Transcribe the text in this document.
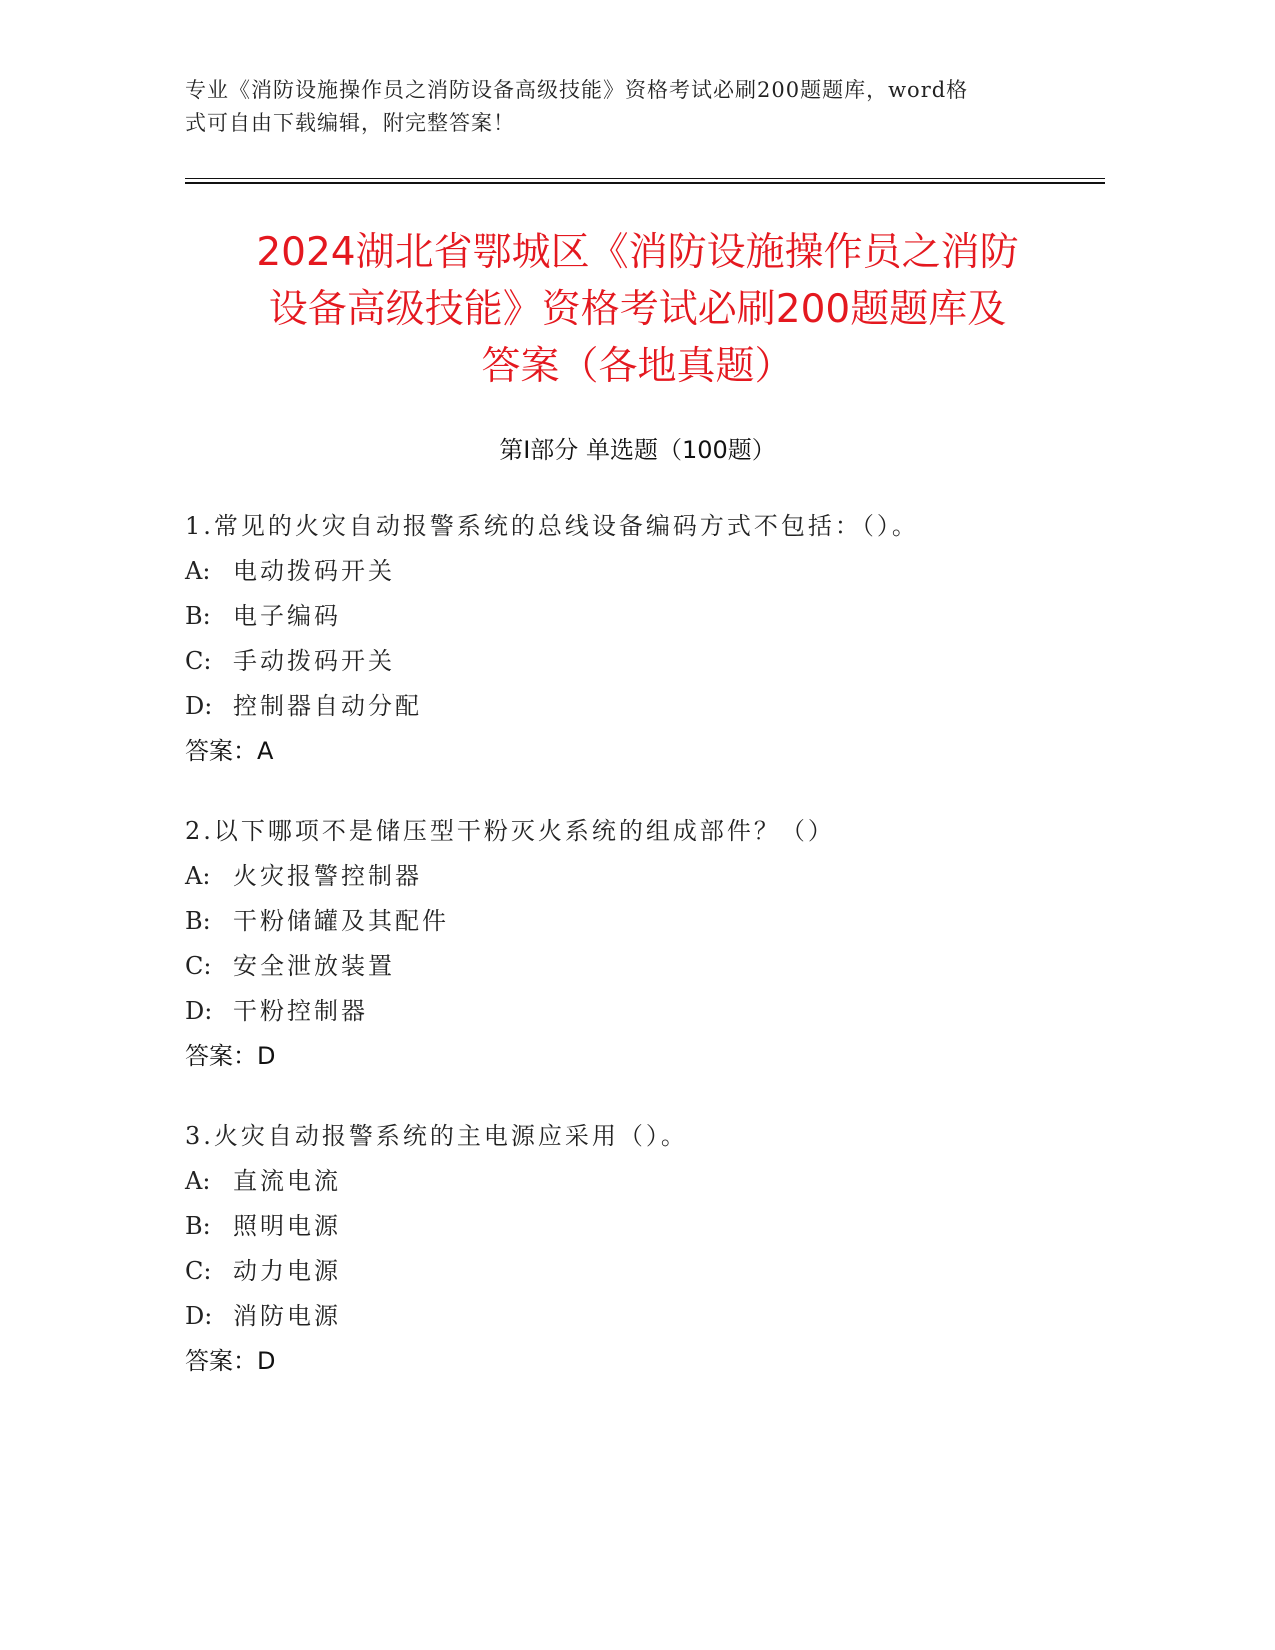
专业《消防设施操作员之消防设备高级技能》资格考试必刷200题题库，word格
式可自由下载编辑，附完整答案！
2024湖北省鄂城区《消防设施操作员之消防
设备高级技能》资格考试必刷200题题库及
答案（各地真题）
第Ⅰ部分 单选题（100题）
1.常见的火灾自动报警系统的总线设备编码方式不包括：（）。
A: 电动拨码开关
B: 电子编码
C: 手动拨码开关
D: 控制器自动分配
答案：A
2.以下哪项不是储压型干粉灭火系统的组成部件？（）
A: 火灾报警控制器
B: 干粉储罐及其配件
C: 安全泄放装置
D: 干粉控制器
答案：D
3.火灾自动报警系统的主电源应采用（）。
A: 直流电流
B: 照明电源
C: 动力电源
D: 消防电源
答案：D
